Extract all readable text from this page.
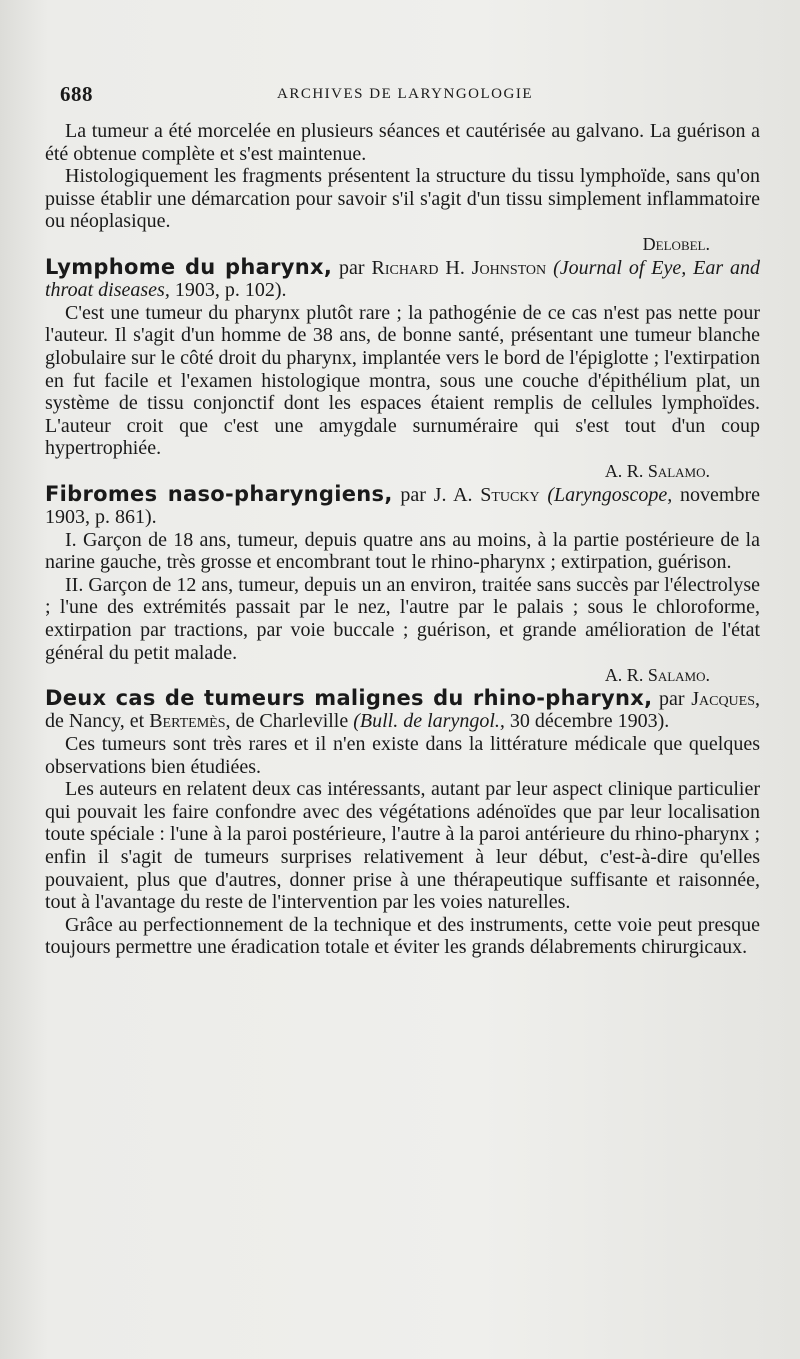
688	ARCHIVES DE LARYNGOLOGIE

La tumeur a été morcelée en plusieurs séances et cautérisée au galvano. La guérison a été obtenue complète et s'est maintenue.

Histologiquement les fragments présentent la structure du tissu lymphoïde, sans qu'on puisse établir une démarcation pour savoir s'il s'agit d'un tissu simplement inflammatoire ou néoplasique.

Delobel.

Lymphome du pharynx, par Richard H. Johnston (Journal of Eye, Ear and throat diseases, 1903, p. 102).

C'est une tumeur du pharynx plutôt rare ; la pathogénie de ce cas n'est pas nette pour l'auteur. Il s'agit d'un homme de 38 ans, de bonne santé, présentant une tumeur blanche globulaire sur le côté droit du pharynx, implantée vers le bord de l'épiglotte ; l'extirpation en fut facile et l'examen histologique montra, sous une couche d'épithélium plat, un système de tissu conjonctif dont les espaces étaient remplis de cellules lymphoïdes. L'auteur croit que c'est une amygdale surnuméraire qui s'est tout d'un coup hypertrophiée.

A. R. Salamo.

Fibromes naso-pharyngiens, par J. A. Stucky (Laryngoscope, novembre 1903, p. 861).

I. Garçon de 18 ans, tumeur, depuis quatre ans au moins, à la partie postérieure de la narine gauche, très grosse et encombrant tout le rhino-pharynx ; extirpation, guérison.

II. Garçon de 12 ans, tumeur, depuis un an environ, traitée sans succès par l'électrolyse ; l'une des extrémités passait par le nez, l'autre par le palais ; sous le chloroforme, extirpation par tractions, par voie buccale ; guérison, et grande amélioration de l'état général du petit malade.

A. R. Salamo.

Deux cas de tumeurs malignes du rhino-pharynx, par Jacques, de Nancy, et Bertemès, de Charleville (Bull. de laryngol., 30 décembre 1903).

Ces tumeurs sont très rares et il n'en existe dans la littérature médicale que quelques observations bien étudiées.

Les auteurs en relatent deux cas intéressants, autant par leur aspect clinique particulier qui pouvait les faire confondre avec des végétations adénoïdes que par leur localisation toute spéciale : l'une à la paroi postérieure, l'autre à la paroi antérieure du rhino-pharynx ; enfin il s'agit de tumeurs surprises relativement à leur début, c'est-à-dire qu'elles pouvaient, plus que d'autres, donner prise à une thérapeutique suffisante et raisonnée, tout à l'avantage du reste de l'intervention par les voies naturelles.

Grâce au perfectionnement de la technique et des instruments, cette voie peut presque toujours permettre une éradication totale et éviter les grands délabrements chirurgicaux.
